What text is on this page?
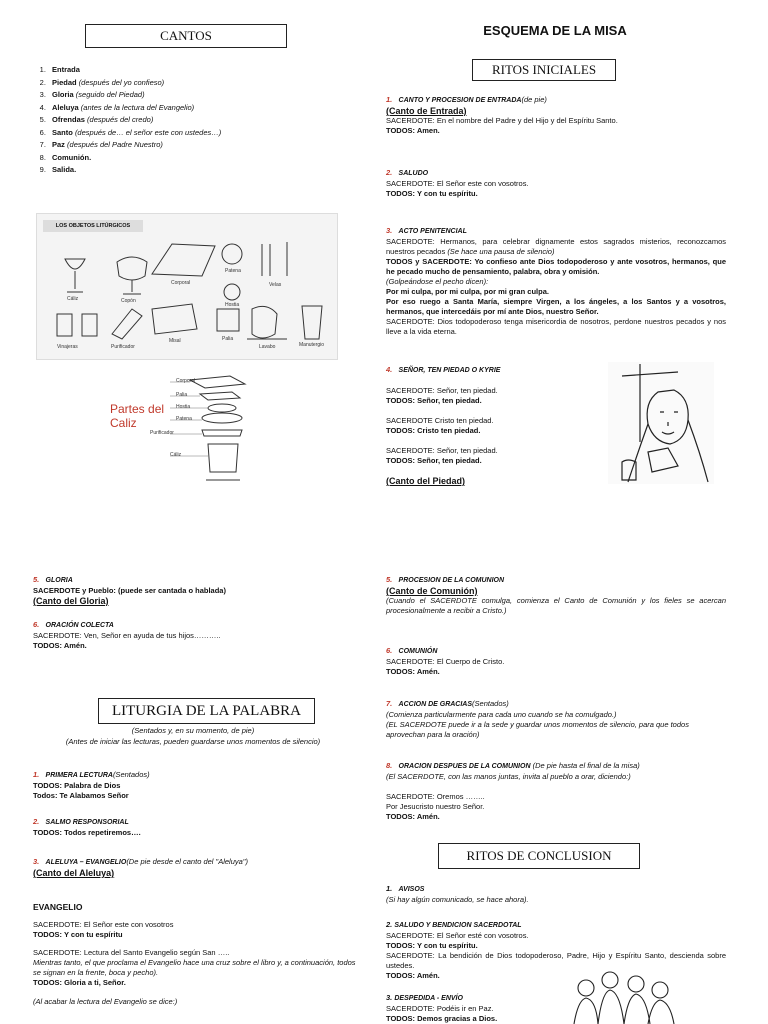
CANTOS
1. Entrada
2. Piedad (después del yo confieso)
3. Gloria (seguido del Piedad)
4. Aleluya (antes de la lectura del Evangelio)
5. Ofrendas (después del credo)
6. Santo (después de… el señor este con ustedes…)
7. Paz (después del Padre Nuestro)
8. Comunión.
9. Salida.
LOS OBJETOS LITÚRGICOS
Cáliz	Copón
Corporal
Patena
Hostia
Velas
Vinajeras	Purificador
Misal	Palia
Lavabo	Manutergio
Partes del
Caliz
Corporal
Palia
Hostia
Patena
Purificador
Cáliz
5. GLORIA
SACERDOTE y Pueblo: (puede ser cantada o hablada)
(Canto del Gloria)
6. ORACIÓN COLECTA
SACERDOTE: Ven, Señor en ayuda de tus hijos………..
TODOS: Amén.
LITURGIA DE LA PALABRA
(Sentados y, en su momento, de pie)
(Antes de iniciar las lecturas, pueden guardarse unos momentos de silencio)
1. PRIMERA LECTURA(Sentados)
TODOS: Palabra de Dios
Todos: Te Alabamos Señor
2. SALMO RESPONSORIAL
TODOS: Todos repetiremos….
3. ALELUYA – EVANGELIO(De pie desde el canto del "Aleluya")
(Canto del Aleluya)
EVANGELIO
SACERDOTE: El Señor este con vosotros
TODOS: Y con tu espíritu
SACERDOTE: Lectura del Santo Evangelio según San …..
Mientras tanto, el que proclama el Evangelio hace una cruz sobre el libro y, a continuación, todos se signan en la frente, boca y pecho).
TODOS: Gloria a ti, Señor.
(Al acabar la lectura del Evangelio se dice:)
ESQUEMA DE LA MISA
RITOS INICIALES
1. CANTO Y PROCESION DE ENTRADA(de pie)
(Canto de Entrada)
SACERDOTE: En el nombre del Padre y del Hijo y del Espíritu Santo.
TODOS: Amen.
2. SALUDO
SACERDOTE: El Señor este con vosotros.
TODOS: Y con tu espíritu.
3. ACTO PENITENCIAL
SACERDOTE: Hermanos, para celebrar dignamente estos sagrados misterios, reconozcamos nuestros pecados (Se hace una pausa de silencio)
TODOS y SACERDOTE: Yo confieso ante Dios todopoderoso y ante vosotros, hermanos, que he pecado mucho de pensamiento, palabra, obra y omisión.
(Golpeándose el pecho dicen):
Por mi culpa, por mi culpa, por mi gran culpa.
Por eso ruego a Santa María, siempre Virgen, a los ángeles, a los Santos y a vosotros, hermanos, que intercedáis por mí ante Dios, nuestro Señor.
SACERDOTE: Dios todopoderoso tenga misericordia de nosotros, perdone nuestros pecados y nos lleve a la vida eterna.
4. SEÑOR, TEN PIEDAD O KYRIE
SACERDOTE: Señor, ten piedad.
TODOS: Señor, ten piedad.
SACERDOTE Cristo ten piedad.
TODOS: Cristo ten piedad.
SACERDOTE: Señor, ten piedad.
TODOS: Señor, ten piedad.
(Canto del Piedad)
5. PROCESION DE LA COMUNION
(Canto de Comunión)
(Cuando el SACERDOTE comulga, comienza el Canto de Comunión y los fieles se acercan procesionalmente a recibir a Cristo.)
6. COMUNIÓN
SACERDOTE: El Cuerpo de Cristo.
TODOS: Amén.
7. ACCION DE GRACIAS(Sentados)
(Comienza particularmente para cada uno cuando se ha comulgado.)
(EL SACERDOTE puede ir a la sede y guardar unos momentos de silencio, para que todos aprovechan para la oración)
8. ORACION DESPUES DE LA COMUNION (De pie hasta el final de la misa)
(El SACERDOTE, con las manos juntas, invita al pueblo a orar, diciendo:)
SACERDOTE: Oremos ……..
Por Jesucristo nuestro Señor.
TODOS: Amén.
RITOS DE CONCLUSION
1. AVISOS
(Si hay algún comunicado, se hace ahora).
2. SALUDO Y BENDICION SACERDOTAL
SACERDOTE: El Señor esté con vosotros.
TODOS: Y con tu espíritu.
SACERDOTE: La bendición de Dios todopoderoso, Padre, Hijo y Espíritu Santo, descienda sobre ustedes.
TODOS: Amén.
3. DESPEDIDA - ENVÍO
SACERDOTE: Podéis ir en Paz.
TODOS: Demos gracias a Dios.
